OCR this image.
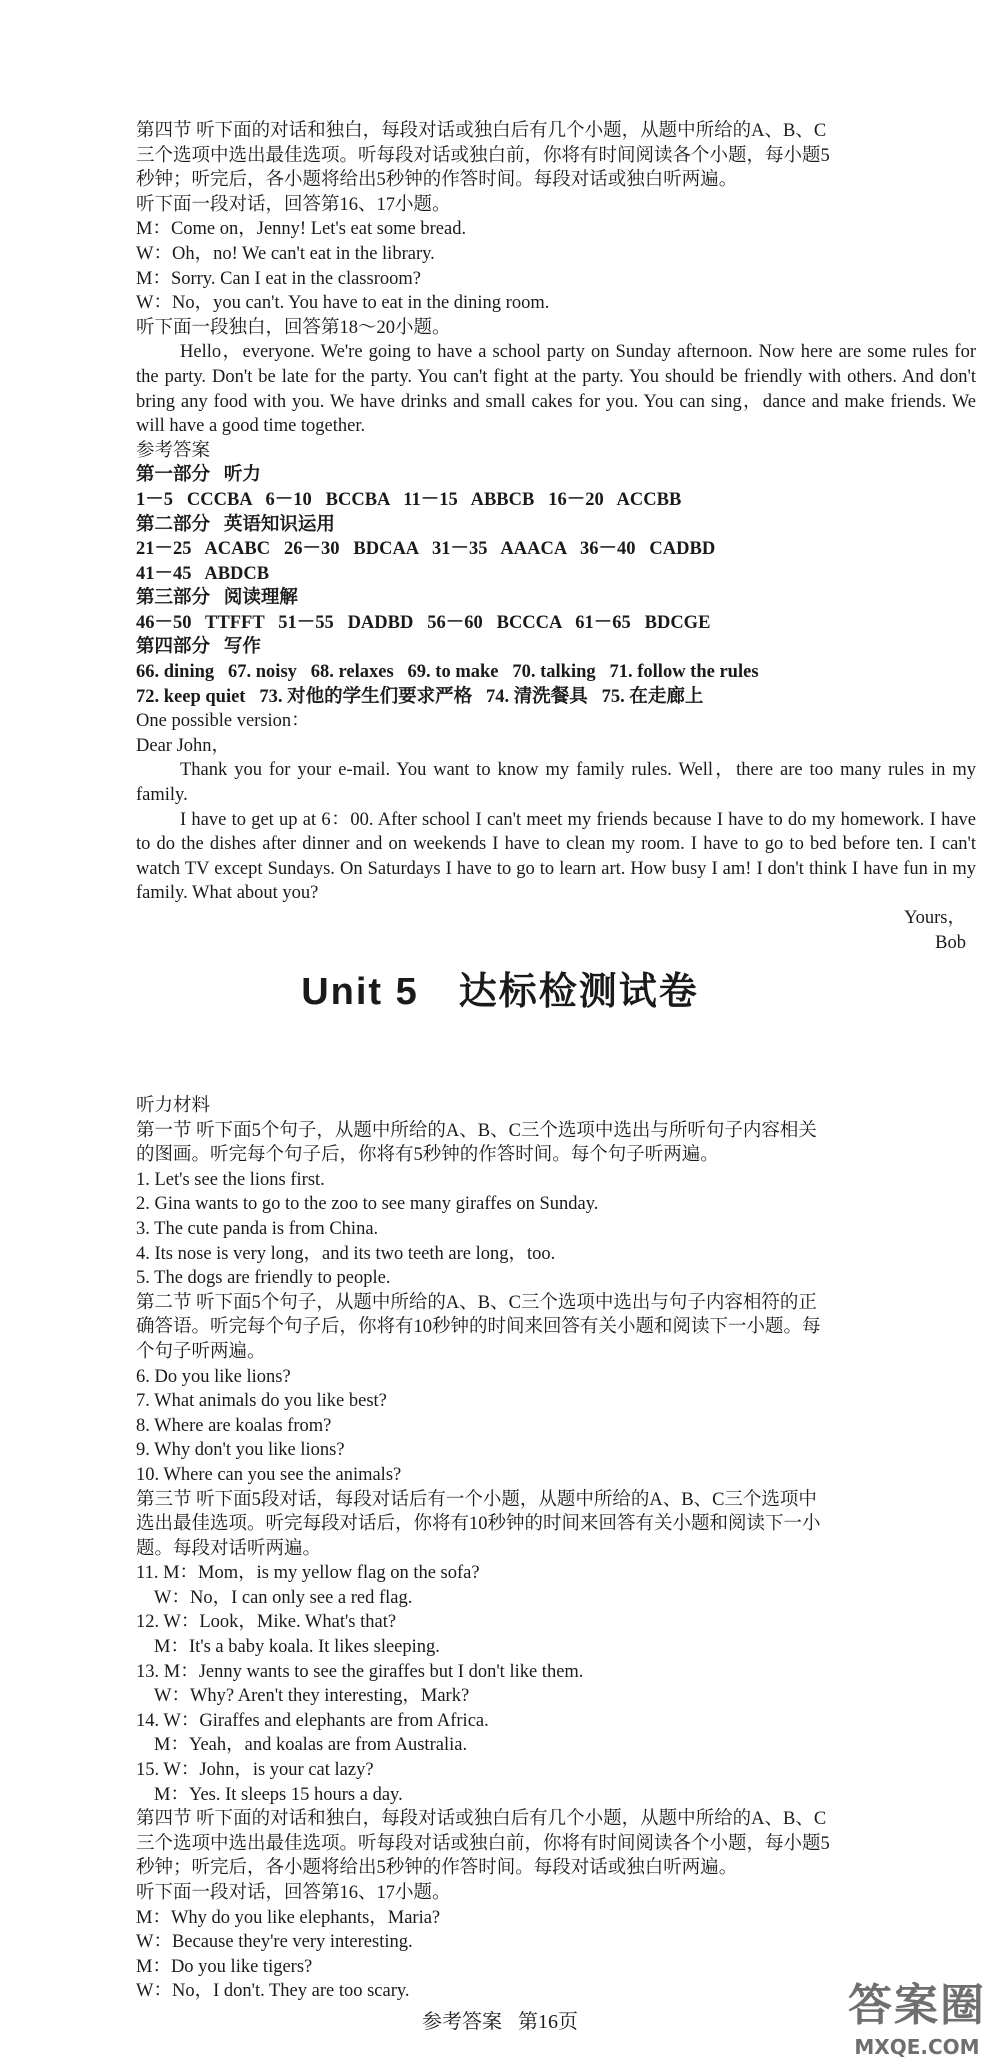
第四节 听下面的对话和独白，每段对话或独白后有几个小题，从题中所给的A、B、C
三个选项中选出最佳选项。听每段对话或独白前，你将有时间阅读各个小题，每小题5
秒钟；听完后，各小题将给出5秒钟的作答时间。每段对话或独白听两遍。
听下面一段对话，回答第16、17小题。
M：Come on，Jenny! Let's eat some bread.
W：Oh，no! We can't eat in the library.
M：Sorry. Can I eat in the classroom?
W：No，you can't. You have to eat in the dining room.
听下面一段独白，回答第18～20小题。
Hello，everyone. We're going to have a school party on Sunday afternoon. Now here are some rules for the party. Don't be late for the party. You can't fight at the party. You should be friendly with others. And don't bring any food with you. We have drinks and small cakes for you. You can sing，dance and make friends. We will have a good time together.
参考答案
第一部分   听力
1－5   CCCBA   6－10   BCCBA   11－15   ABBCB   16－20   ACCBB
第二部分   英语知识运用
21－25   ACABC   26－30   BDCAA   31－35   AAACA   36－40   CADBD
41－45   ABDCB
第三部分   阅读理解
46－50   TTFFT   51－55   DADBD   56－60   BCCCA   61－65   BDCGE
第四部分   写作
66. dining   67. noisy   68. relaxes   69. to make   70. talking   71. follow the rules
72. keep quiet   73. 对他的学生们要求严格   74. 清洗餐具   75. 在走廊上
One possible version：
Dear John，
Thank you for your e-mail. You want to know my family rules. Well，there are too many rules in my family.
I have to get up at 6：00. After school I can't meet my friends because I have to do my homework. I have to do the dishes after dinner and on weekends I have to clean my room. I have to go to bed before ten. I can't watch TV except Sundays. On Saturdays I have to go to learn art. How busy I am! I don't think I have fun in my family. What about you?
Yours，
Bob
Unit 5 达标检测试卷
听力材料
第一节 听下面5个句子，从题中所给的A、B、C三个选项中选出与所听句子内容相关
的图画。听完每个句子后，你将有5秒钟的作答时间。每个句子听两遍。
1. Let's see the lions first.
2. Gina wants to go to the zoo to see many giraffes on Sunday.
3. The cute panda is from China.
4. Its nose is very long，and its two teeth are long，too.
5. The dogs are friendly to people.
第二节 听下面5个句子，从题中所给的A、B、C三个选项中选出与句子内容相符的正
确答语。听完每个句子后，你将有10秒钟的时间来回答有关小题和阅读下一小题。每
个句子听两遍。
6. Do you like lions?
7. What animals do you like best?
8. Where are koalas from?
9. Why don't you like lions?
10. Where can you see the animals?
第三节 听下面5段对话，每段对话后有一个小题，从题中所给的A、B、C三个选项中
选出最佳选项。听完每段对话后，你将有10秒钟的时间来回答有关小题和阅读下一小
题。每段对话听两遍。
11. M：Mom，is my yellow flag on the sofa?
W：No，I can only see a red flag.
12. W：Look，Mike. What's that?
M：It's a baby koala. It likes sleeping.
13. M：Jenny wants to see the giraffes but I don't like them.
W：Why? Aren't they interesting，Mark?
14. W：Giraffes and elephants are from Africa.
M：Yeah，and koalas are from Australia.
15. W：John，is your cat lazy?
M：Yes. It sleeps 15 hours a day.
第四节 听下面的对话和独白，每段对话或独白后有几个小题，从题中所给的A、B、C
三个选项中选出最佳选项。听每段对话或独白前，你将有时间阅读各个小题，每小题5
秒钟；听完后，各小题将给出5秒钟的作答时间。每段对话或独白听两遍。
听下面一段对话，回答第16、17小题。
M：Why do you like elephants，Maria?
W：Because they're very interesting.
M：Do you like tigers?
W：No，I don't. They are too scary.
参考答案 第16页	答案圈
MXQE.COM
